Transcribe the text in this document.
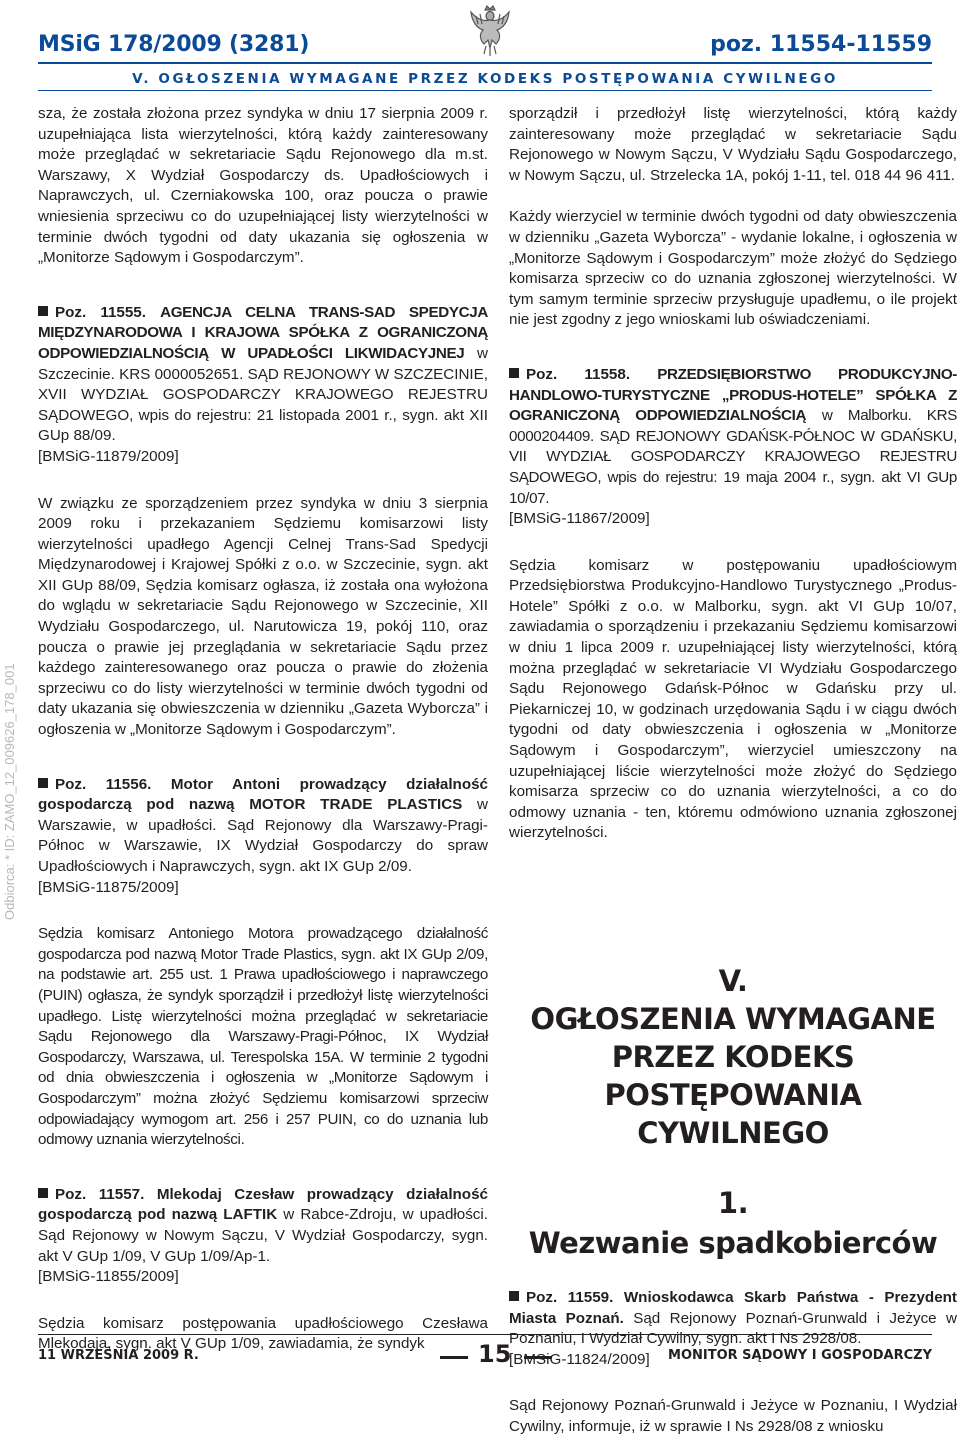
MSiG 178/2009 (3281)	poz. 11554-11559
V. OGŁOSZENIA WYMAGANE PRZEZ KODEKS POSTĘPOWANIA CYWILNEGO
Odbiorca: * ID: ZAMO_12_009626_178_001

sza, że została złożona przez syndyka w dniu 17 sierpnia 2009 r. uzupełniająca lista wierzytelności, którą każdy zainteresowany może przeglądać w sekretariacie Sądu Rejonowego dla m.st. Warszawy, X Wydział Gospodarczy ds. Upadłościowych i Naprawczych, ul. Czerniakowska 100, oraz poucza o prawie wniesienia sprzeciwu co do uzupełniającej listy wierzytelności w terminie dwóch tygodni od daty ukazania się ogłoszenia w „Monitorze Sądowym i Gospodarczym”.

Poz. 11555. AGENCJA CELNA TRANS-SAD SPEDYCJA MIĘDZYNARODOWA I KRAJOWA SPÓŁKA Z OGRANICZONĄ ODPOWIEDZIALNOŚCIĄ W UPADŁOŚCI LIKWIDACYJNEJ w Szczecinie. KRS 0000052651. SĄD REJONOWY W SZCZECINIE, XVII WYDZIAŁ GOSPODARCZY KRAJOWEGO REJESTRU SĄDOWEGO, wpis do rejestru: 21 listopada 2001 r., sygn. akt XII GUp 88/09.

[BMSiG-11879/2009]

W związku ze sporządzeniem przez syndyka w dniu 3 sierpnia 2009 roku i przekazaniem Sędziemu komisarzowi listy wierzytelności upadłego Agencji Celnej Trans-Sad Spedycji Międzynarodowej i Krajowej Spółki z o.o. w Szczecinie, sygn. akt XII GUp 88/09, Sędzia komisarz ogłasza, iż została ona wyłożona do wglądu w sekretariacie Sądu Rejonowego w Szczecinie, XII Wydziału Gospodarczego, ul. Narutowicza 19, pokój 110, oraz poucza o prawie jej przeglądania w sekretariacie Sądu przez każdego zainteresowanego oraz poucza o prawie do złożenia sprzeciwu co do listy wierzytelności w terminie dwóch tygodni od daty ukazania się obwieszczenia w dzienniku „Gazeta Wyborcza” i ogłoszenia w „Monitorze Sądowym i Gospodarczym”.

Poz. 11556. Motor Antoni prowadzący działalność gospodarczą pod nazwą MOTOR TRADE PLASTICS w Warszawie, w upadłości. Sąd Rejonowy dla Warszawy-Pragi-Północ w Warszawie, IX Wydział Gospodarczy do spraw Upadłościowych i Naprawczych, sygn. akt IX GUp 2/09.

[BMSiG-11875/2009]

Sędzia komisarz Antoniego Motora prowadzącego działalność gospodarcza pod nazwą Motor Trade Plastics, sygn. akt IX GUp 2/09, na podstawie art. 255 ust. 1 Prawa upadłościowego i naprawczego (PUIN) ogłasza, że syndyk sporządził i przedłożył listę wierzytelności upadłego. Listę wierzytelności można przeglądać w sekretariacie Sądu Rejonowego dla Warszawy-Pragi-Północ, IX Wydział Gospodarczy, Warszawa, ul. Terespolska 15A. W terminie 2 tygodni od dnia obwieszczenia i ogłoszenia w „Monitorze Sądowym i Gospodarczym” można złożyć Sędziemu komisarzowi sprzeciw odpowiadający wymogom art. 256 i 257 PUIN, co do uznania lub odmowy uznania wierzytelności.

Poz. 11557. Mlekodaj Czesław prowadzący działalność gospodarczą pod nazwą LAFTIK w Rabce-Zdroju, w upadłości. Sąd Rejonowy w Nowym Sączu, V Wydział Gospodarczy, sygn. akt V GUp 1/09, V GUp 1/09/Ap-1.

[BMSiG-11855/2009]

Sędzia komisarz postępowania upadłościowego Czesława Mlekodaja, sygn. akt V GUp 1/09, zawiadamia, że syndyk

sporządził i przedłożył listę wierzytelności, którą każdy zainteresowany może przeglądać w sekretariacie Sądu Rejonowego w Nowym Sączu, V Wydziału Sądu Gospodarczego, w Nowym Sączu, ul. Strzelecka 1A, pokój 1-11, tel. 018 44 96 411.

Każdy wierzyciel w terminie dwóch tygodni od daty obwieszczenia w dzienniku „Gazeta Wyborcza” - wydanie lokalne, i ogłoszenia w „Monitorze Sądowym i Gospodarczym” może złożyć do Sędziego komisarza sprzeciw co do uznania zgłoszonej wierzytelności. W tym samym terminie sprzeciw przysługuje upadłemu, o ile projekt nie jest zgodny z jego wnioskami lub oświadczeniami.

Poz. 11558. PRZEDSIĘBIORSTWO PRODUKCYJNO-HANDLOWO-TURYSTYCZNE „PRODUS-HOTELE” SPÓŁKA Z OGRANICZONĄ ODPOWIEDZIALNOŚCIĄ w Malborku. KRS 0000204409. SĄD REJONOWY GDAŃSK-PÓŁNOC W GDAŃSKU, VII WYDZIAŁ GOSPODARCZY KRAJOWEGO REJESTRU SĄDOWEGO, wpis do rejestru: 19 maja 2004 r., sygn. akt VI GUp 10/07.

[BMSiG-11867/2009]

Sędzia komisarz w postępowaniu upadłościowym Przedsiębiorstwa Produkcyjno-Handlowo Turystycznego „Produs-Hotele” Spółki z o.o. w Malborku, sygn. akt VI GUp 10/07, zawiadamia o sporządzeniu i przekazaniu Sędziemu komisarzowi w dniu 1 lipca 2009 r. uzupełniającej listy wierzytelności, którą można przeglądać w sekretariacie VI Wydziału Gospodarczego Sądu Rejonowego Gdańsk-Północ w Gdańsku przy ul. Piekarniczej 10, w godzinach urzędowania Sądu i w ciągu dwóch tygodni od daty obwieszczenia i ogłoszenia w „Monitorze Sądowym i Gospodarczym”, wierzyciel umieszczony na uzupełniającej liście wierzytelności może złożyć do Sędziego komisarza sprzeciw co do uznania wierzytelności, a co do odmowy uznania - ten, któremu odmówiono uznania zgłoszonej wierzytelności.

V.
OGŁOSZENIA WYMAGANE
PRZEZ KODEKS
POSTĘPOWANIA CYWILNEGO
1.
Wezwanie spadkobierców

Poz. 11559. Wnioskodawca Skarb Państwa - Prezydent Miasta Poznań. Sąd Rejonowy Poznań-Grunwald i Jeżyce w Poznaniu, I Wydział Cywilny, sygn. akt I Ns 2928/08.

[BMSiG-11824/2009]

Sąd Rejonowy Poznań-Grunwald i Jeżyce w Poznaniu, I Wydział Cywilny, informuje, iż w sprawie I Ns 2928/08 z wniosku

11 WRZEŚNIA 2009 R.	15	MONITOR SĄDOWY I GOSPODARCZY
